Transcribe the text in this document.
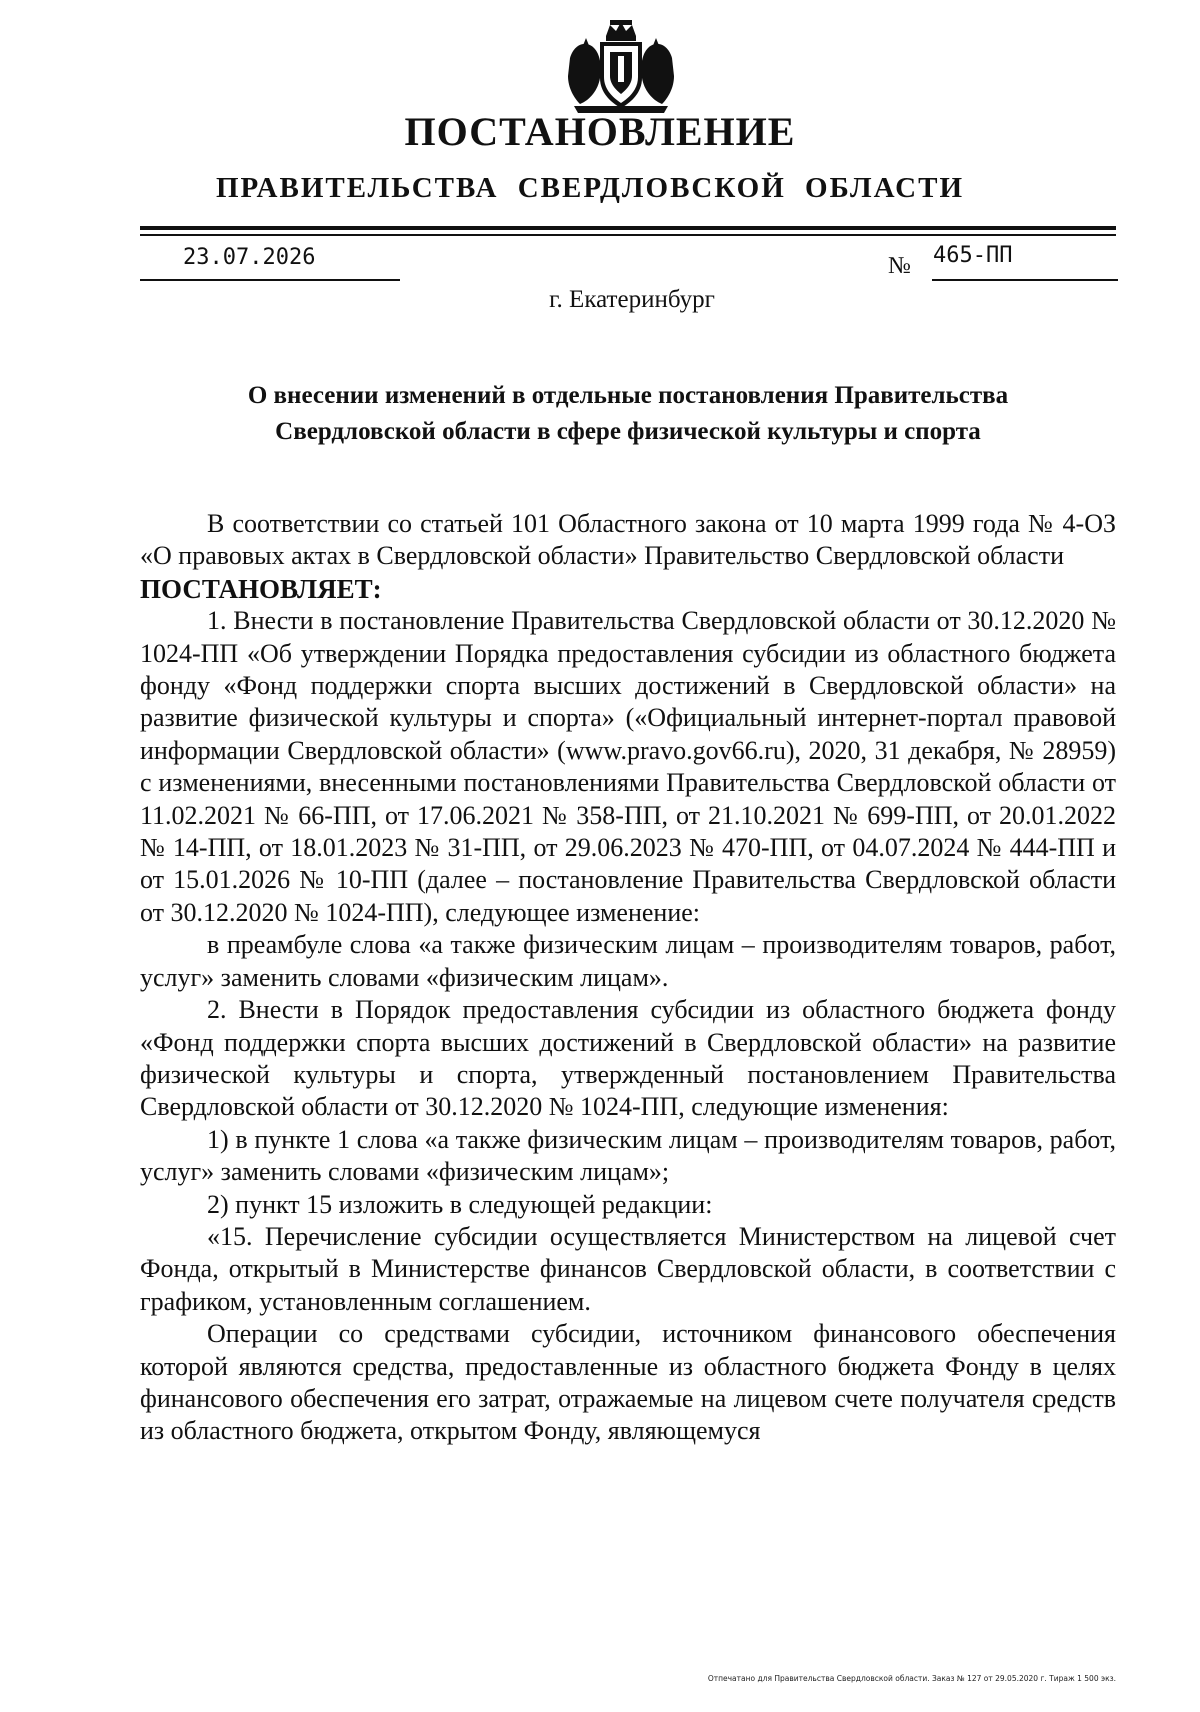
ПОСТАНОВЛЕНИЕ
ПРАВИТЕЛЬСТВА СВЕРДЛОВСКОЙ ОБЛАСТИ
23.07.2026	№ 465-ПП
г. Екатеринбург
О внесении изменений в отдельные постановления Правительства
Свердловской области в сфере физической культуры и спорта

В соответствии со статьей 101 Областного закона от 10 марта 1999 года № 4-ОЗ «О правовых актах в Свердловской области» Правительство Свердловской области

ПОСТАНОВЛЯЕТ:

1. Внести в постановление Правительства Свердловской области от 30.12.2020 № 1024-ПП «Об утверждении Порядка предоставления субсидии из областного бюджета фонду «Фонд поддержки спорта высших достижений в Свердловской области» на развитие физической культуры и спорта» («Официальный интернет-портал правовой информации Свердловской области» (www.pravo.gov66.ru), 2020, 31 декабря, № 28959) с изменениями, внесенными постановлениями Правительства Свердловской области от 11.02.2021 № 66-ПП, от 17.06.2021 № 358-ПП, от 21.10.2021 № 699-ПП, от 20.01.2022 № 14-ПП, от 18.01.2023 № 31-ПП, от 29.06.2023 № 470-ПП, от 04.07.2024 № 444-ПП и от 15.01.2026 № 10-ПП (далее – постановление Правительства Свердловской области от 30.12.2020 № 1024-ПП), следующее изменение:

в преамбуле слова «а также физическим лицам – производителям товаров, работ, услуг» заменить словами «физическим лицам».

2. Внести в Порядок предоставления субсидии из областного бюджета фонду «Фонд поддержки спорта высших достижений в Свердловской области» на развитие физической культуры и спорта, утвержденный постановлением Правительства Свердловской области от 30.12.2020 № 1024-ПП, следующие изменения:

1) в пункте 1 слова «а также физическим лицам – производителям товаров, работ, услуг» заменить словами «физическим лицам»;

2) пункт 15 изложить в следующей редакции:

«15. Перечисление субсидии осуществляется Министерством на лицевой счет Фонда, открытый в Министерстве финансов Свердловской области, в соответствии с графиком, установленным соглашением.

Операции со средствами субсидии, источником финансового обеспечения которой являются средства, предоставленные из областного бюджета Фонду в целях финансового обеспечения его затрат, отражаемые на лицевом счете получателя средств из областного бюджета, открытом Фонду, являющемуся

Отпечатано для Правительства Свердловской области. Заказ № 127 от 29.05.2020 г. Тираж 1 500 экз.
